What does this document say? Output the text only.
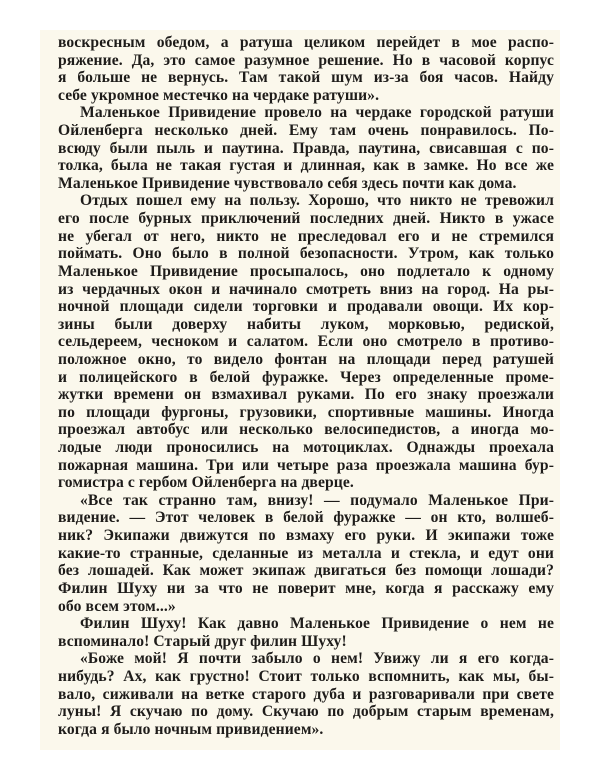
воскресным обедом, а ратуша целиком перейдет в мое распо-
ряжение. Да, это самое разумное решение. Но в часовой корпус
я больше не вернусь. Там такой шум из-за боя часов. Найду
себе укромное местечко на чердаке ратуши».
Маленькое Привидение провело на чердаке городской ратуши
Ойленберга несколько дней. Ему там очень понравилось. По-
всюду были пыль и паутина. Правда, паутина, свисавшая с по-
толка, была не такая густая и длинная, как в замке. Но все же
Маленькое Привидение чувствовало себя здесь почти как дома.
Отдых пошел ему на пользу. Хорошо, что никто не тревожил
его после бурных приключений последних дней. Никто в ужасе
не убегал от него, никто не преследовал его и не стремился
поймать. Оно было в полной безопасности. Утром, как только
Маленькое Привидение просыпалось, оно подлетало к одному
из чердачных окон и начинало смотреть вниз на город. На ры-
ночной площади сидели торговки и продавали овощи. Их кор-
зины были доверху набиты луком, морковью, редиской,
сельдереем, чесноком и салатом. Если оно смотрело в противо-
положное окно, то видело фонтан на площади перед ратушей
и полицейского в белой фуражке. Через определенные проме-
жутки времени он взмахивал руками. По его знаку проезжали
по площади фургоны, грузовики, спортивные машины. Иногда
проезжал автобус или несколько велосипедистов, а иногда мо-
лодые люди проносились на мотоциклах. Однажды проехала
пожарная машина. Три или четыре раза проезжала машина бур-
гомистра с гербом Ойленберга на дверце.
«Все так странно там, внизу! — подумало Маленькое При-
видение. — Этот человек в белой фуражке — он кто, волшеб-
ник? Экипажи движутся по взмаху его руки. И экипажи тоже
какие-то странные, сделанные из металла и стекла, и едут они
без лошадей. Как может экипаж двигаться без помощи лошади?
Филин Шуху ни за что не поверит мне, когда я расскажу ему
обо всем этом...»
Филин Шуху! Как давно Маленькое Привидение о нем не
вспоминало! Старый друг филин Шуху!
«Боже мой! Я почти забыло о нем! Увижу ли я его когда-
нибудь? Ах, как грустно! Стоит только вспомнить, как мы, бы-
вало, сиживали на ветке старого дуба и разговаривали при свете
луны! Я скучаю по дому. Скучаю по добрым старым временам,
когда я было ночным привидением».
